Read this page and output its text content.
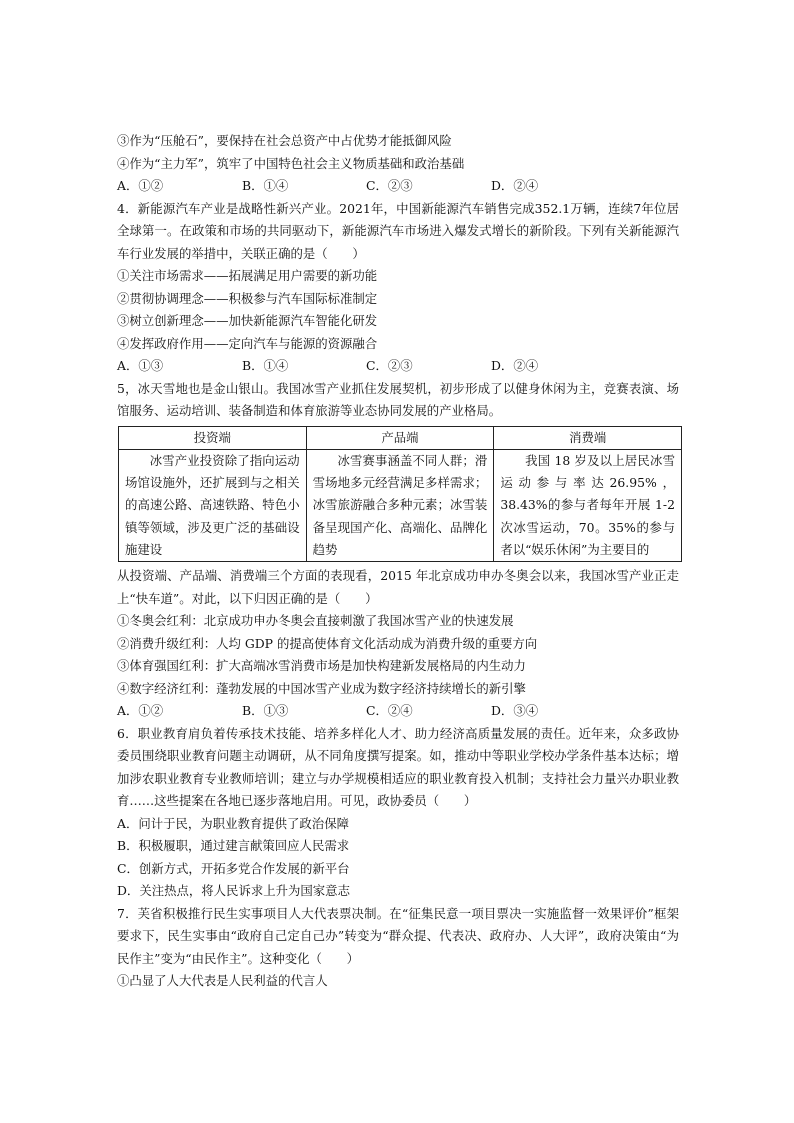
③作为“压舱石”，要保持在社会总资产中占优势才能抵御风险
④作为“主力军”，筑牢了中国特色社会主义物质基础和政治基础
A．①②	B．①④	C．②③	D．②④
4．新能源汽车产业是战略性新兴产业。2021年，中国新能源汽车销售完成352.1万辆，连续7年位居全球第一。在政策和市场的共同驱动下，新能源汽车市场进入爆发式增长的新阶段。下列有关新能源汽车行业发展的举措中，关联正确的是（　　）
①关注市场需求——拓展满足用户需要的新功能
②贯彻协调理念——积极参与汽车国际标准制定
③树立创新理念——加快新能源汽车智能化研发
④发挥政府作用——定向汽车与能源的资源融合
A．①③	B．①④	C．②③	D．②④
5，冰天雪地也是金山银山。我国冰雪产业抓住发展契机，初步形成了以健身休闲为主，竞赛表演、场馆服务、运动培训、装备制造和体育旅游等业态协同发展的产业格局。
投资端	产品端	消费端

冰雪产业投资除了指向运动场馆设施外，还扩展到与之相关的高速公路、高速铁路、特色小镇等领域，涉及更广泛的基础设施建设	冰雪赛事涵盖不同人群；滑雪场地多元经营满足多样需求；冰雪旅游融合多种元素；冰雪装备呈现国产化、高端化、品牌化趋势	我国 18 岁及以上居民冰雪运动参与率达26.95%，38.43%的参与者每年开展 1-2 次冰雪运动，70。35%的参与者以“娱乐休闲”为主要目的
从投资端、产品端、消费端三个方面的表现看，2015 年北京成功申办冬奥会以来，我国冰雪产业正走上“快车道”。对此，以下归因正确的是（　　）
①冬奥会红利：北京成功申办冬奥会直接刺激了我国冰雪产业的快速发展
②消费升级红利：人均 GDP 的提高使体育文化活动成为消费升级的重要方向
③体育强国红利：扩大高端冰雪消费市场是加快构建新发展格局的内生动力
④数字经济红利：蓬勃发展的中国冰雪产业成为数字经济持续增长的新引擎
A．①②	B．①③	C．②④	D．③④
6．职业教育肩负着传承技术技能、培养多样化人才、助力经济高质量发展的责任。近年来，众多政协委员围绕职业教育问题主动调研，从不同角度撰写提案。如，推动中等职业学校办学条件基本达标；增加涉农职业教育专业教师培训；建立与办学规模相适应的职业教育投入机制；支持社会力量兴办职业教育……这些提案在各地已逐步落地启用。可见，政协委员（　　）
A．问计于民，为职业教育提供了政治保障
B．积极履职，通过建言献策回应人民需求
C．创新方式，开拓多党合作发展的新平台
D．关注热点，将人民诉求上升为国家意志
7．芙省积极推行民生实事项目人大代表票决制。在“征集民意一项目票决一实施监督一效果评价”框架要求下，民生实事由“政府自己定自己办”转变为“群众提、代表决、政府办、人大评”，政府决策由“为民作主”变为“由民作主”。这种变化（　　）
①凸显了人大代表是人民利益的代言人
